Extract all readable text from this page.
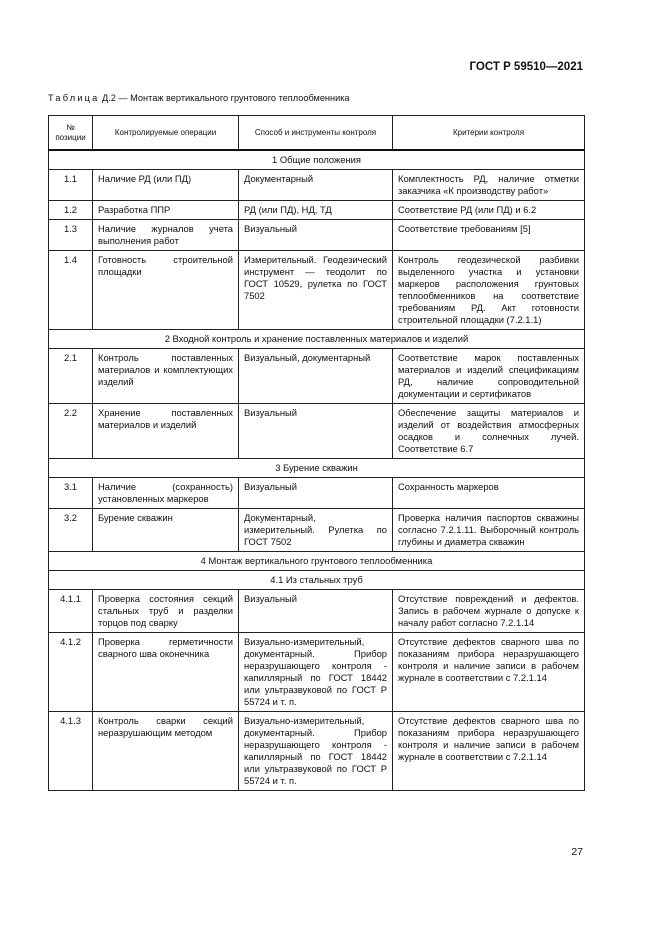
ГОСТ Р 59510—2021
Таблица Д.2 — Монтаж вертикального грунтового теплообменника
№ позиции	Контролируемые операции	Способ и инструменты контроля	Критерии контроля
1 Общие положения			
1.1	Наличие РД (или ПД)	Документарный	Комплектность РД, наличие отметки заказчика «К производству работ»
1.2	Разработка ППР	РД (или ПД), НД, ТД	Соответствие РД (или ПД) и 6.2
1.3	Наличие журналов учета выполнения работ	Визуальный	Соответствие требованиям [5]
1.4	Готовность строительной площадки	Измерительный. Геодезический инструмент — теодолит по ГОСТ 10529, рулетка по ГОСТ 7502	Контроль геодезической разбивки выделенного участка и установки маркеров расположения грунтовых теплообменников на соответствие требованиям РД. Акт готовности строительной площадки (7.2.1.1)
2 Входной контроль и хранение поставленных материалов и изделий			
2.1	Контроль поставленных материалов и комплектующих изделий	Визуальный, документарный	Соответствие марок поставленных материалов и изделий спецификациям РД, наличие сопроводительной документации и сертификатов
2.2	Хранение поставленных материалов и изделий	Визуальный	Обеспечение защиты материалов и изделий от воздействия атмосферных осадков и солнечных лучей. Соответствие 6.7
3 Бурение скважин			
3.1	Наличие (сохранность) установленных маркеров	Визуальный	Сохранность маркеров
3.2	Бурение скважин	Документарный, измерительный. Рулетка по ГОСТ 7502	Проверка наличия паспортов скважины согласно 7.2.1.11. Выборочный контроль глубины и диаметра скважин
4 Монтаж вертикального грунтового теплообменника			
4.1 Из стальных труб			
4.1.1	Проверка состояния секций стальных труб и разделки торцов под сварку	Визуальный	Отсутствие повреждений и дефектов. Запись в рабочем журнале о допуске к началу работ согласно 7.2.1.14
4.1.2	Проверка герметичности сварного шва оконечника	Визуально-измерительный, документарный. Прибор неразрушающего контроля - капиллярный по ГОСТ 18442 или ультразвуковой по ГОСТ Р 55724 и т. п.	Отсутствие дефектов сварного шва по показаниям прибора неразрушающего контроля и наличие записи в рабочем журнале в соответствии с 7.2.1.14
4.1.3	Контроль сварки секций неразрушающим методом	Визуально-измерительный, документарный. Прибор неразрушающего контроля - капиллярный по ГОСТ 18442 или ультразвуковой по ГОСТ Р 55724 и т. п.	Отсутствие дефектов сварного шва по показаниям прибора неразрушающего контроля и наличие записи в рабочем журнале в соответствии с 7.2.1.14
27
